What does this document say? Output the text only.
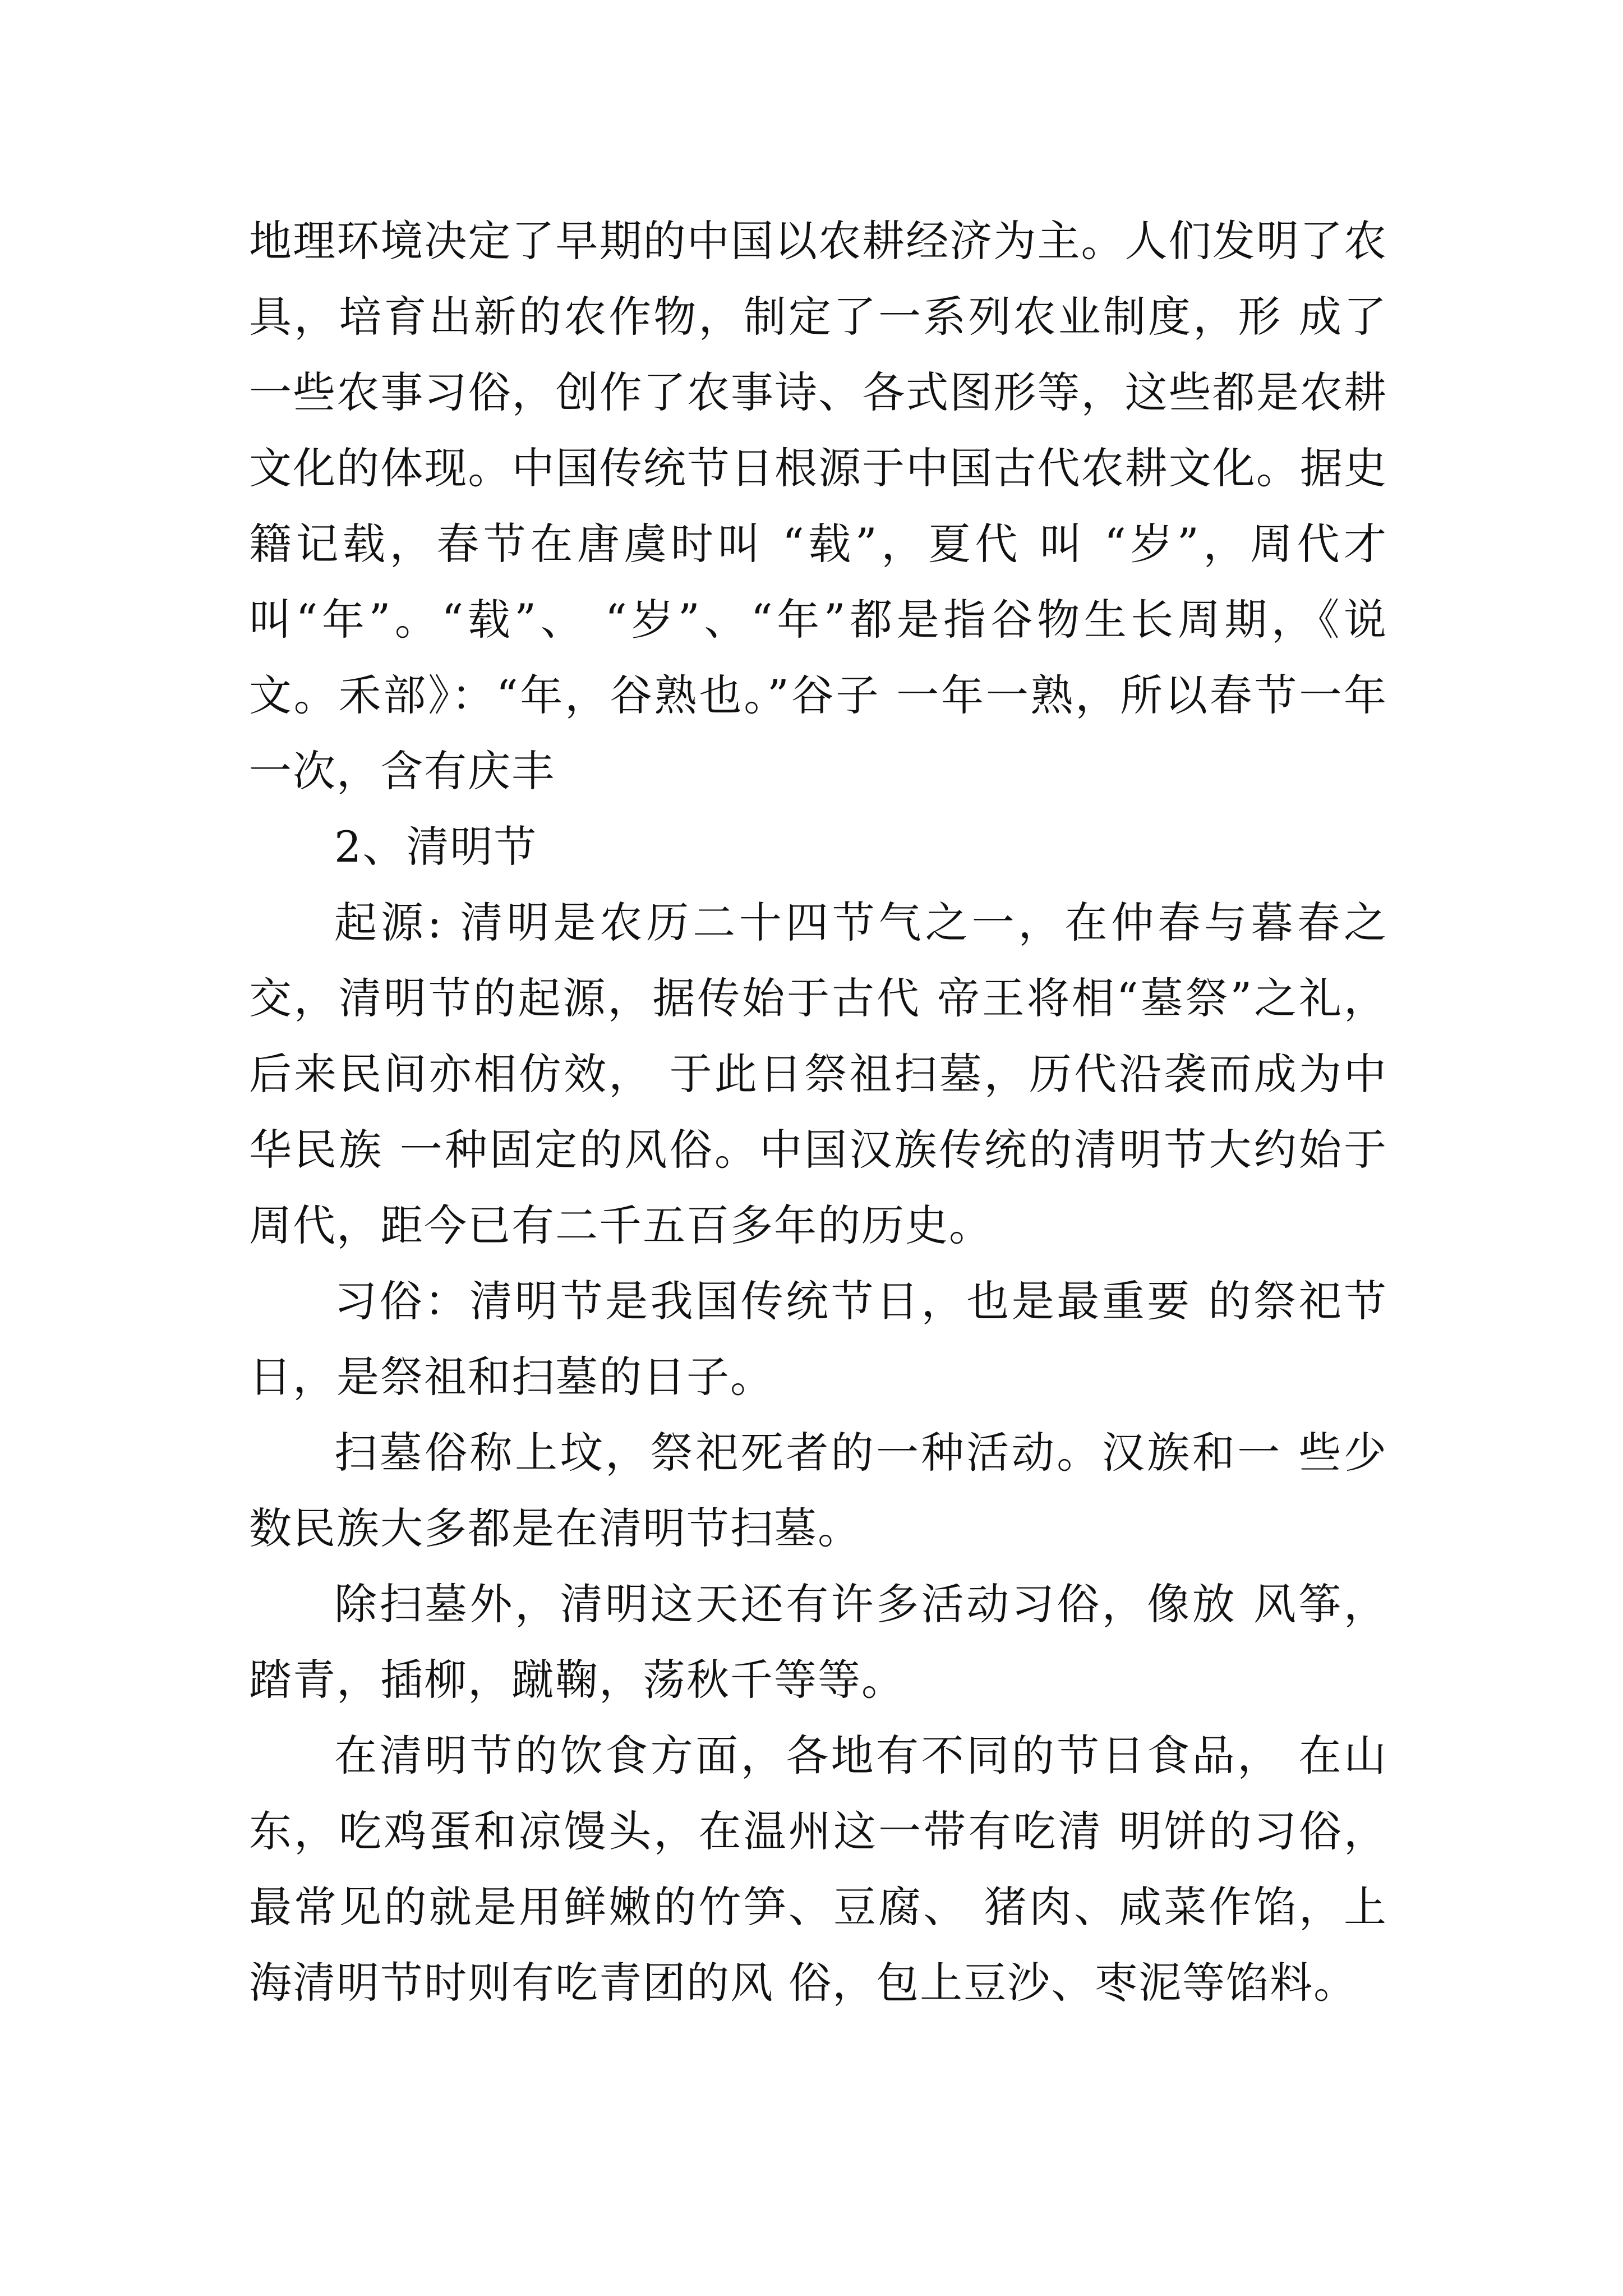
地理环境决定了早期的中国以农耕经济为主。人们发明了农具，培育出新的农作物，制定了一系列农业制度，形 成了一些农事习俗，创作了农事诗、各式图形等，这些都是农耕文化的体现。中国传统节日根源于中国古代农耕文化。据史籍记载，春节在唐虞时叫 “载”，夏代 叫 “岁”，周代才叫“年”。“载”、 “岁”、“年”都是指谷物生长周期，《说文。禾部》：“年，谷熟也。”谷子 一年一熟，所以春节一年一次，含有庆丰

2、清明节

起源: 清明是农历二十四节气之一，在仲春与暮春之交，清明节的起源，据传始于古代 帝王将相“墓祭”之礼，后来民间亦相仿效， 于此日祭祖扫墓，历代沿袭而成为中华民族 一种固定的风俗。中国汉族传统的清明节大约始于周代，距今已有二千五百多年的历史。

习俗：清明节是我国传统节日，也是最重要 的祭祀节日，是祭祖和扫墓的日子。

扫墓俗称上坟，祭祀死者的一种活动。汉族和一 些少数民族大多都是在清明节扫墓。

除扫墓外，清明这天还有许多活动习俗，像放 风筝，踏青，插柳，蹴鞠，荡秋千等等。

在清明节的饮食方面，各地有不同的节日食品， 在山东，吃鸡蛋和凉馒头，在温州这一带有吃清 明饼的习俗，最常见的就是用鲜嫩的竹笋、豆腐、 猪肉、咸菜作馅，上海清明节时则有吃青团的风 俗，包上豆沙、枣泥等馅料。
